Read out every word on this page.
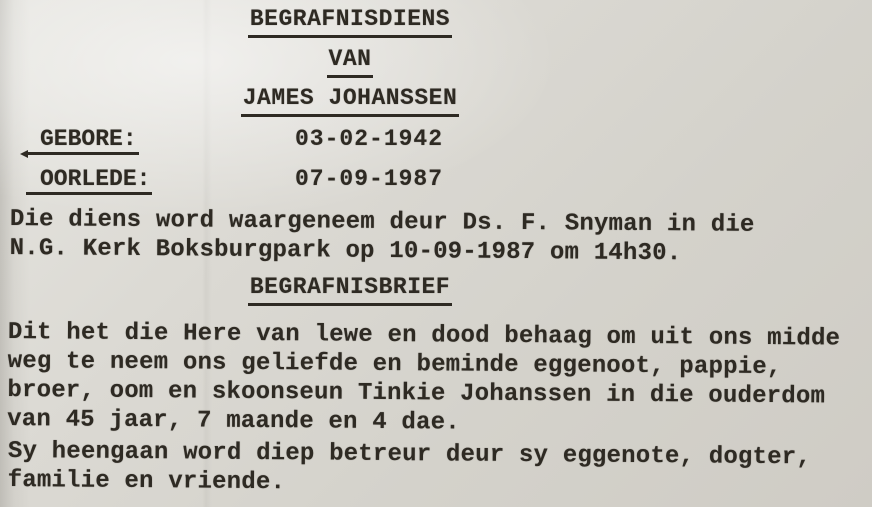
BEGRAFNISDIENS
VAN
JAMES JOHANSSEN
GEBORE:	03-02-1942
OORLEDE:	07-09-1987
Die diens word waargeneem deur Ds. F. Snyman in die
N.G. Kerk Boksburgpark op 10-09-1987 om 14h30.
BEGRAFNISBRIEF
Dit het die Here van lewe en dood behaag om uit ons midde
weg te neem ons geliefde en beminde eggenoot, pappie,
broer, oom en skoonseun Tinkie Johanssen in die ouderdom
van 45 jaar, 7 maande en 4 dae.
Sy heengaan word diep betreur deur sy eggenote, dogter,
familie en vriende.
